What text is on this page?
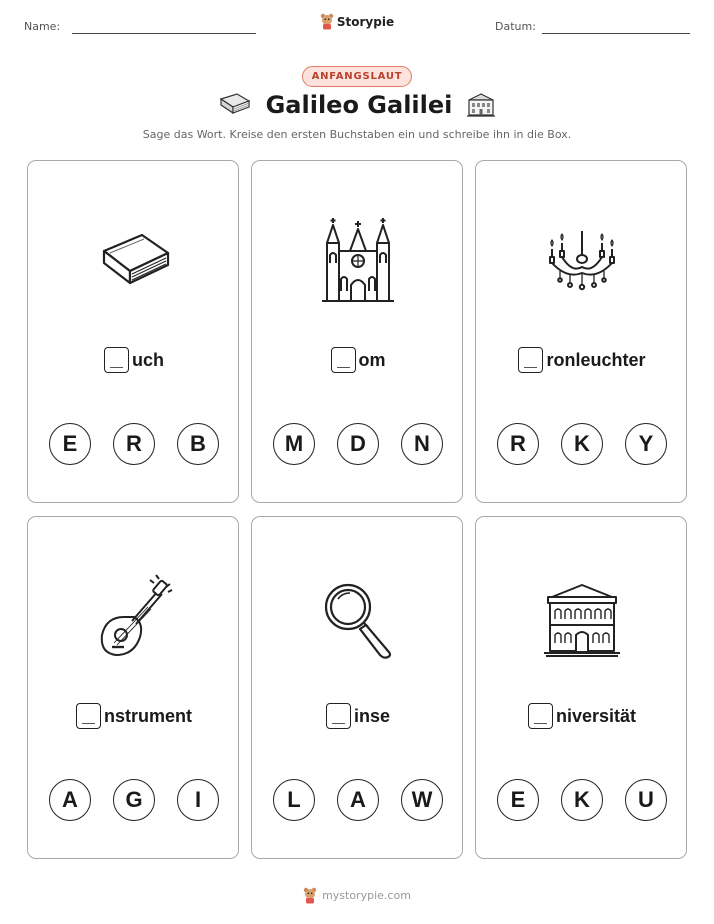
Name:	Storypie	Datum:
ANFANGSLAUT
Galileo Galilei
Sage das Wort. Kreise den ersten Buchstaben ein und schreibe ihn in die Box.
uch
E	R	B
om
M	D	N
ronleuchter
R	K	Y
nstrument
A	G	I
inse
L	A	W
niversität
E	K	U
mystorypie.com
